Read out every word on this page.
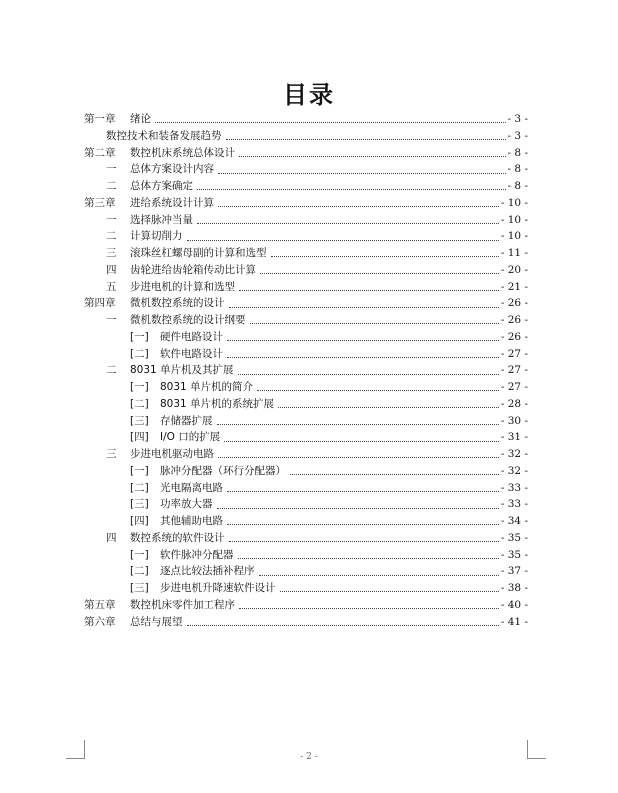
目录
第一章	绪论	- 3 -
数控技术和装备发展趋势	- 3 -
第二章	数控机床系统总体设计	- 8 -
一	总体方案设计内容	- 8 -
二	总体方案确定	- 8 -
第三章	进给系统设计计算	- 10 -
一	选择脉冲当量	- 10 -
二	计算切削力	- 10 -
三	滚珠丝杠螺母副的计算和选型	- 11 -
四	齿轮进给齿轮箱传动比计算	- 20 -
五	步进电机的计算和选型	- 21 -
第四章	微机数控系统的设计	- 26 -
一	微机数控系统的设计纲要	- 26 -
[一]	硬件电路设计	- 26 -
[二]	软件电路设计	- 27 -
二	8031 单片机及其扩展	- 27 -
[一]	8031 单片机的简介	- 27 -
[二]	8031 单片机的系统扩展	- 28 -
[三]	存储器扩展	- 30 -
[四]	I/O 口的扩展	- 31 -
三	步进电机驱动电路	- 32 -
[一]	脉冲分配器（环行分配器）	- 32 -
[二]	光电隔离电路	- 33 -
[三]	功率放大器	- 33 -
[四]	其他辅助电路	- 34 -
四	数控系统的软件设计	- 35 -
[一]	软件脉冲分配器	- 35 -
[二]	逐点比较法插补程序	- 37 -
[三]	步进电机升降速软件设计	- 38 -
第五章	数控机床零件加工程序	- 40 -
第六章	总结与展望	- 41 -
- 2 -
